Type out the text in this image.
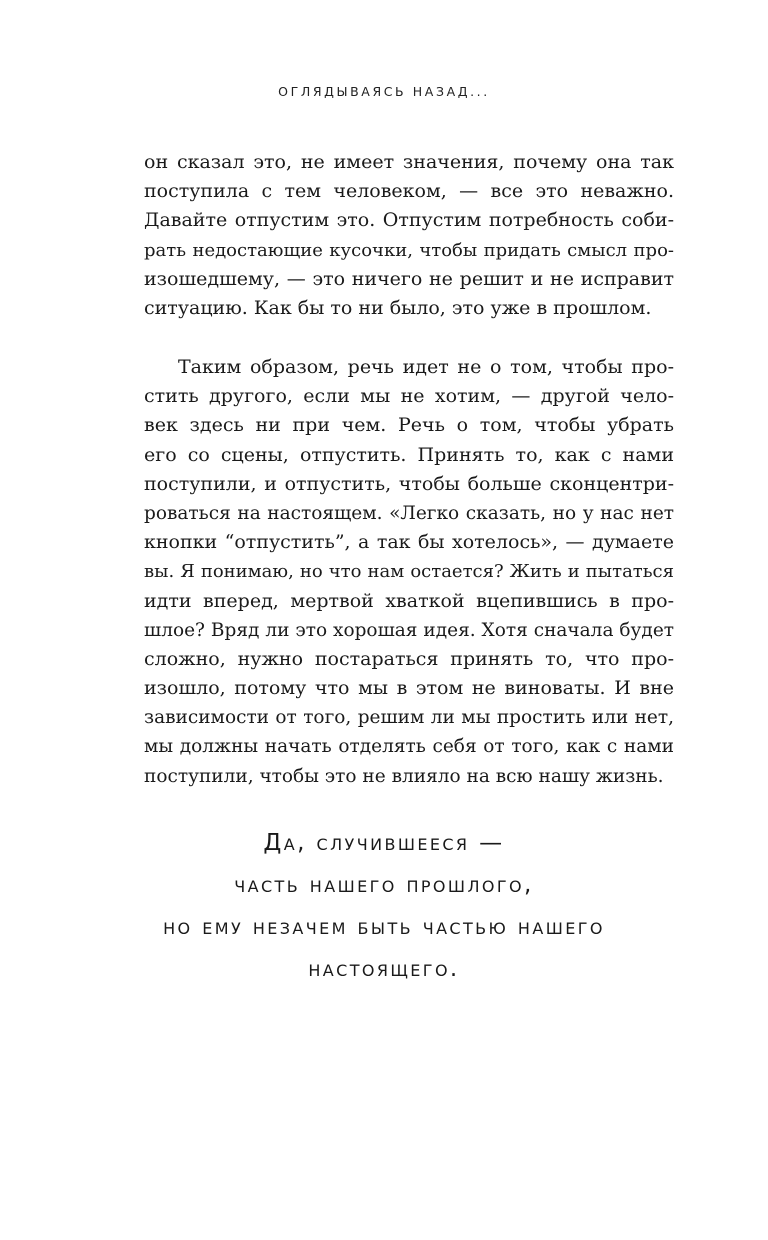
ОГЛЯДЫВАЯСЬ НАЗАД...
он сказал это, не имеет значения, почему она так
поступила с тем человеком, — все это неважно.
Давайте отпустим это. Отпустим потребность соби-
рать недостающие кусочки, чтобы придать смысл про-
изошедшему, — это ничего не решит и не исправит
ситуацию. Как бы то ни было, это уже в прошлом.
Таким образом, речь идет не о том, чтобы про-
стить другого, если мы не хотим, — другой чело-
век здесь ни при чем. Речь о том, чтобы убрать
его со сцены, отпустить. Принять то, как с нами
поступили, и отпустить, чтобы больше сконцентри-
роваться на настоящем. «Легко сказать, но у нас нет
кнопки “отпустить”, а так бы хотелось», — думаете
вы. Я понимаю, но что нам остается? Жить и пытаться
идти вперед, мертвой хваткой вцепившись в про-
шлое? Вряд ли это хорошая идея. Хотя сначала будет
сложно, нужно постараться принять то, что про-
изошло, потому что мы в этом не виноваты. И вне
зависимости от того, решим ли мы простить или нет,
мы должны начать отделять себя от того, как с нами
поступили, чтобы это не влияло на всю нашу жизнь.
Да, случившееся —
часть нашего прошлого,
но ему незачем быть частью нашего
настоящего.
